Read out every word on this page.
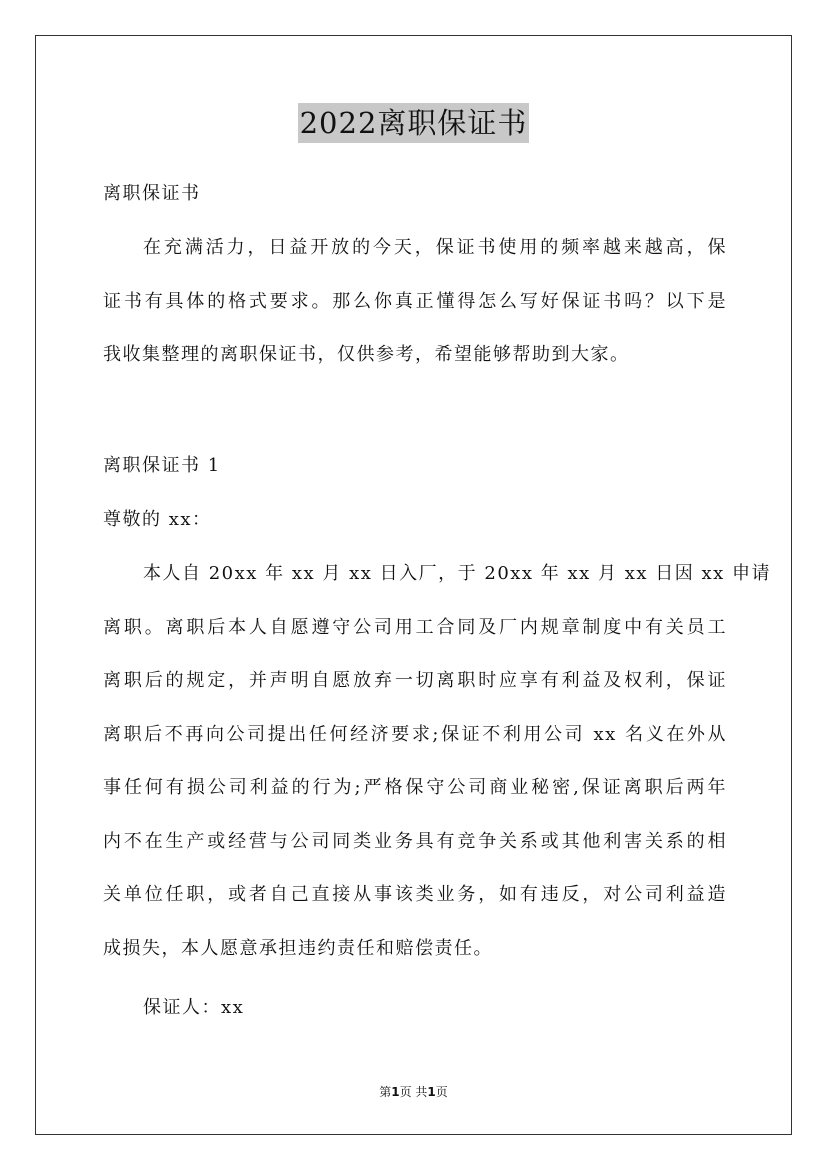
2022离职保证书
离职保证书
在充满活力，日益开放的今天，保证书使用的频率越来越高，保
证书有具体的格式要求。那么你真正懂得怎么写好保证书吗？以下是
我收集整理的离职保证书，仅供参考，希望能够帮助到大家。
离职保证书 1
尊敬的 xx：
本人自 20xx 年 xx 月 xx 日入厂，于 20xx 年 xx 月 xx 日因 xx 申请
离职。离职后本人自愿遵守公司用工合同及厂内规章制度中有关员工
离职后的规定，并声明自愿放弃一切离职时应享有利益及权利，保证
离职后不再向公司提出任何经济要求;保证不利用公司 xx 名义在外从
事任何有损公司利益的行为;严格保守公司商业秘密,保证离职后两年
内不在生产或经营与公司同类业务具有竞争关系或其他利害关系的相
关单位任职，或者自己直接从事该类业务，如有违反，对公司利益造
成损失，本人愿意承担违约责任和赔偿责任。
保证人：xx
第1页 共1页
